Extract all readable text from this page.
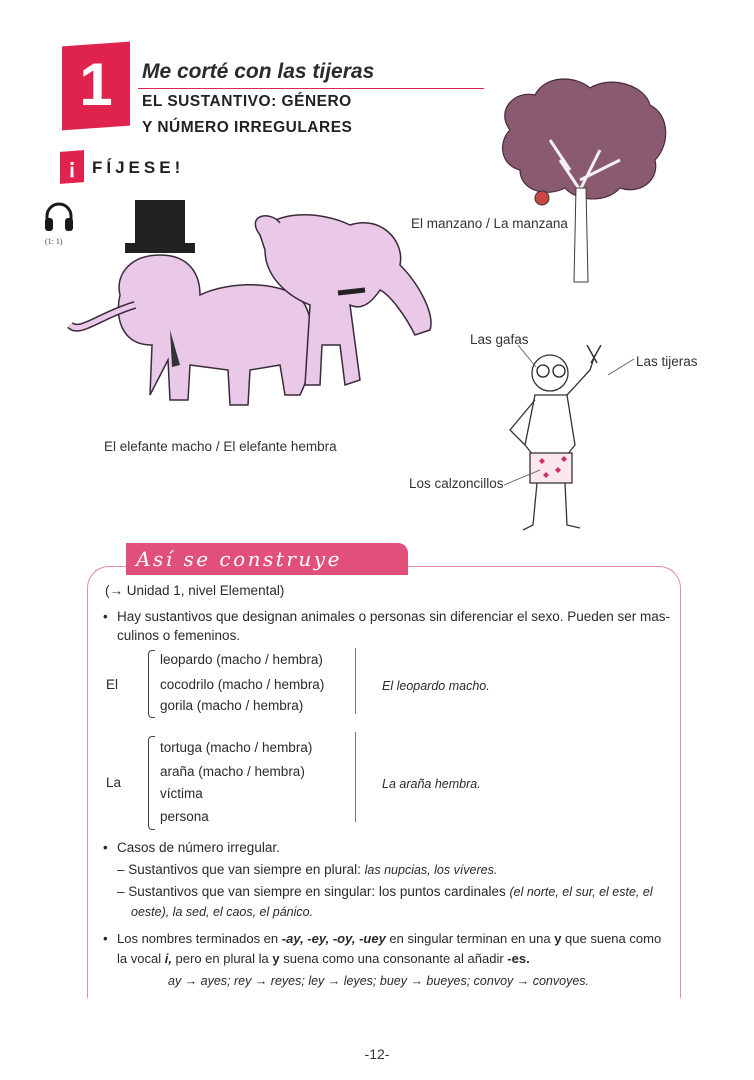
1	Me corté con las tijeras
EL SUSTANTIVO: GÉNERO
Y NÚMERO IRREGULARES
¡ FÍJESE!
(1: 1)
El manzano / La manzana
El elefante macho / El elefante hembra
Las gafas
Las tijeras
Los calzoncillos
Así se construye
(→ Unidad 1, nivel Elemental)
• Hay sustantivos que designan animales o personas sin diferenciar el sexo. Pueden ser mas-
culinos o femeninos.
El
leopardo (macho / hembra)
cocodrilo (macho / hembra)
gorila (macho / hembra)
El leopardo macho.
La
tortuga (macho / hembra)
araña (macho / hembra)
víctima
persona
La araña hembra.
• Casos de número irregular.
– Sustantivos que van siempre en plural: las nupcias, los víveres.
– Sustantivos que van siempre en singular: los puntos cardinales (el norte, el sur, el este, el
oeste), la sed, el caos, el pánico.
• Los nombres terminados en -ay, -ey, -oy, -uey en singular terminan en una y que suena como
la vocal i, pero en plural la y suena como una consonante al añadir -es.
ay → ayes; rey → reyes; ley → leyes; buey → bueyes; convoy → convoyes.
-12-
